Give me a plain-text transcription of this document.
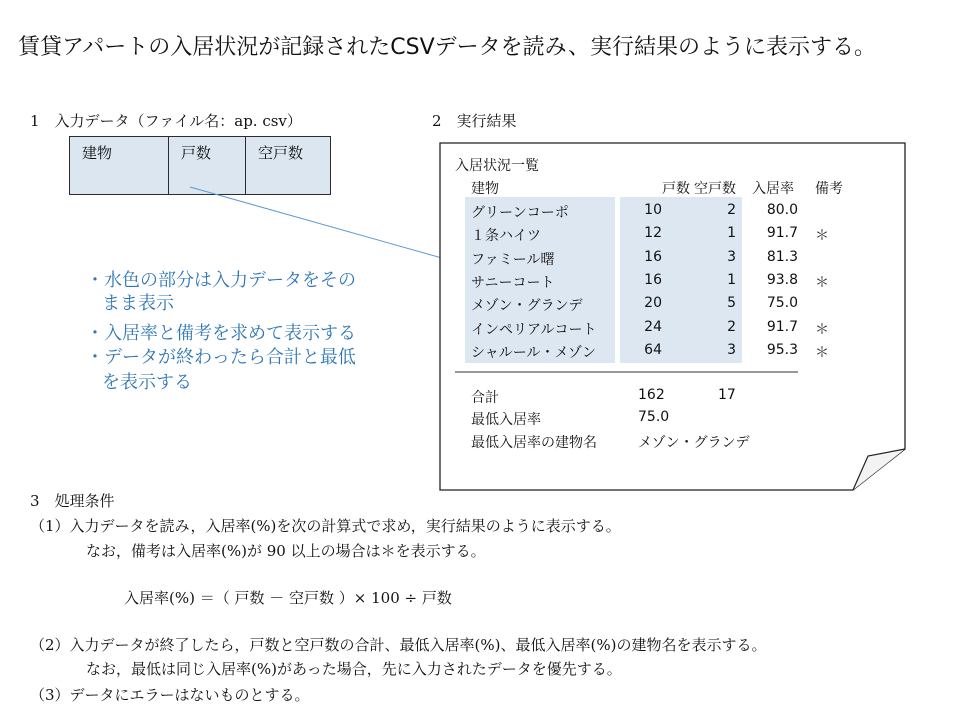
賃貸アパートの入居状況が記録されたCSVデータを読み、実行結果のように表示する。
1　入力データ（ファイル名：ap. csv）
建物	戸数	空戸数
・水色の部分は入力データをその
まま表示
・入居率と備考を求めて表示する
・データが終わったら合計と最低
を表示する
2　実行結果
入居状況一覧
建物	戸数 空戸数 入居率 備考
グリーンコーポ	10	2	80.0
１条ハイツ	12	1	91.7 ＊
ファミール曙	16	3	81.3
サニーコート	16	1	93.8 ＊
メゾン・グランデ	20	5	75.0
インペリアルコート	24	2	91.7 ＊
シャルール・メゾン	64	3	95.3 ＊
合計	162	17
最低入居率	75.0
最低入居率の建物名	メゾン・グランデ
3　処理条件
（1）入力データを読み，入居率(%)を次の計算式で求め，実行結果のように表示する。
なお，備考は入居率(%)が 90 以上の場合は＊を表示する。
入居率(%) ＝（ 戸数 － 空戸数 ）× 100 ÷ 戸数
（2）入力データが終了したら，戸数と空戸数の合計、最低入居率(%)、最低入居率(%)の建物名を表示する。
なお，最低は同じ入居率(%)があった場合，先に入力されたデータを優先する。
（3）データにエラーはないものとする。
